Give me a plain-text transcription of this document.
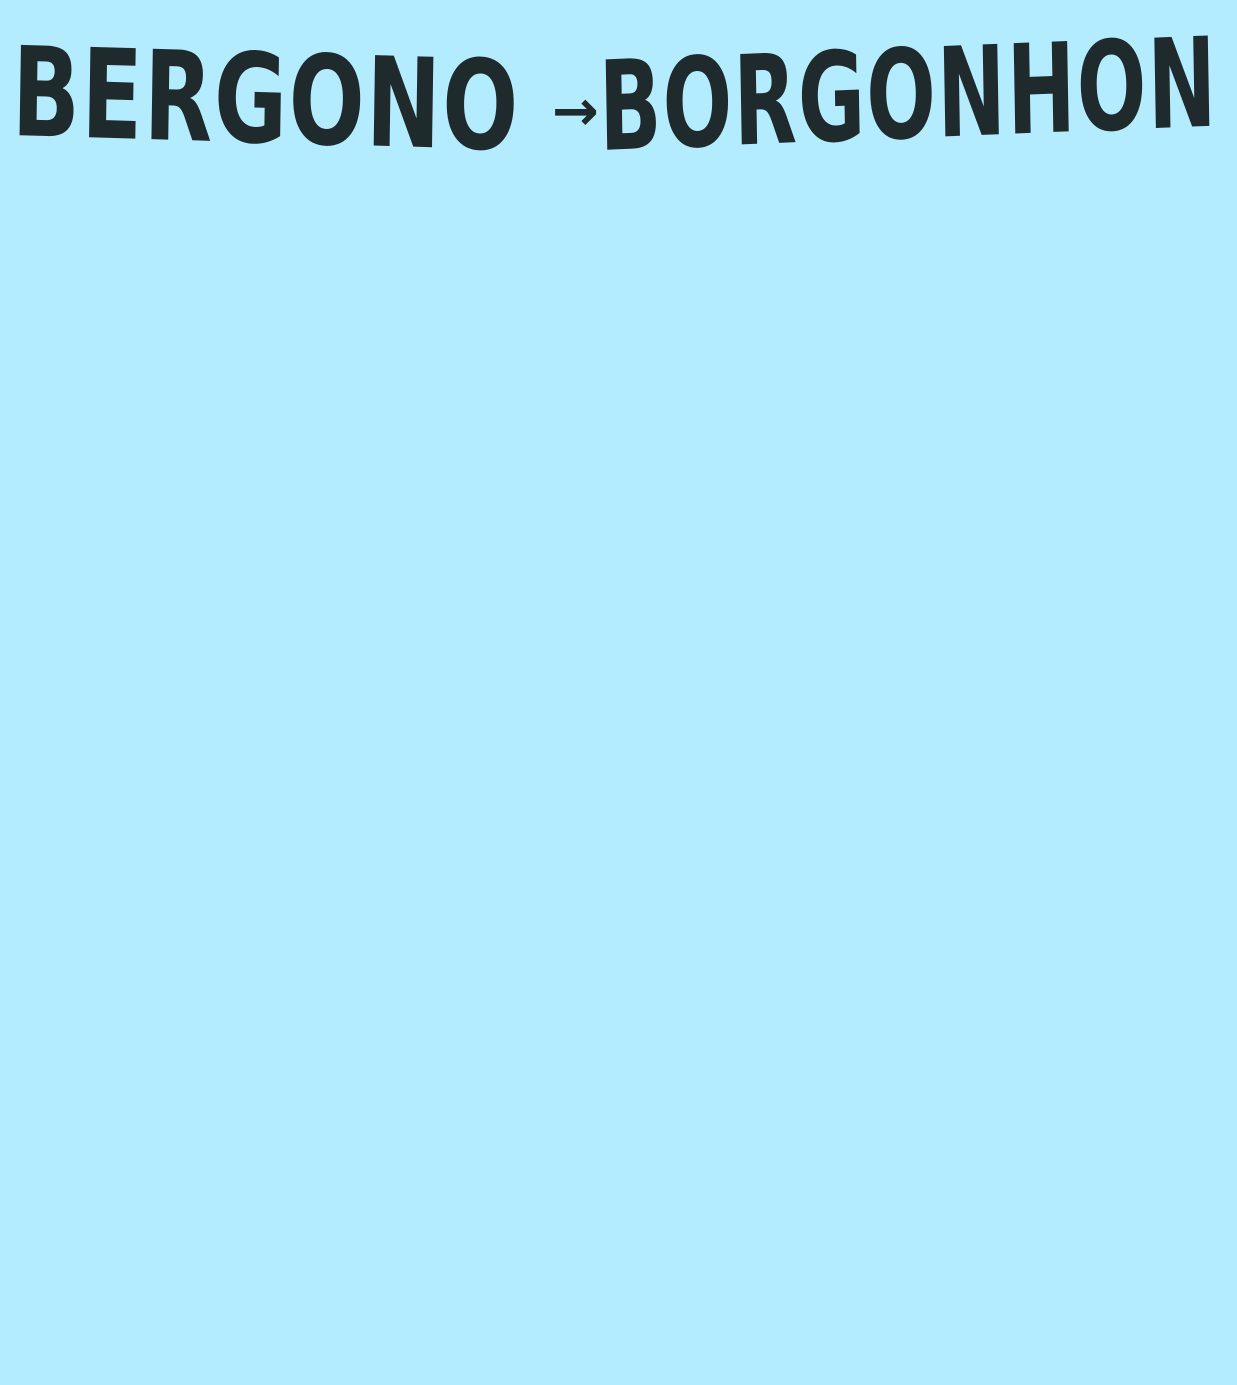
BERGONO →
BORGONHON
